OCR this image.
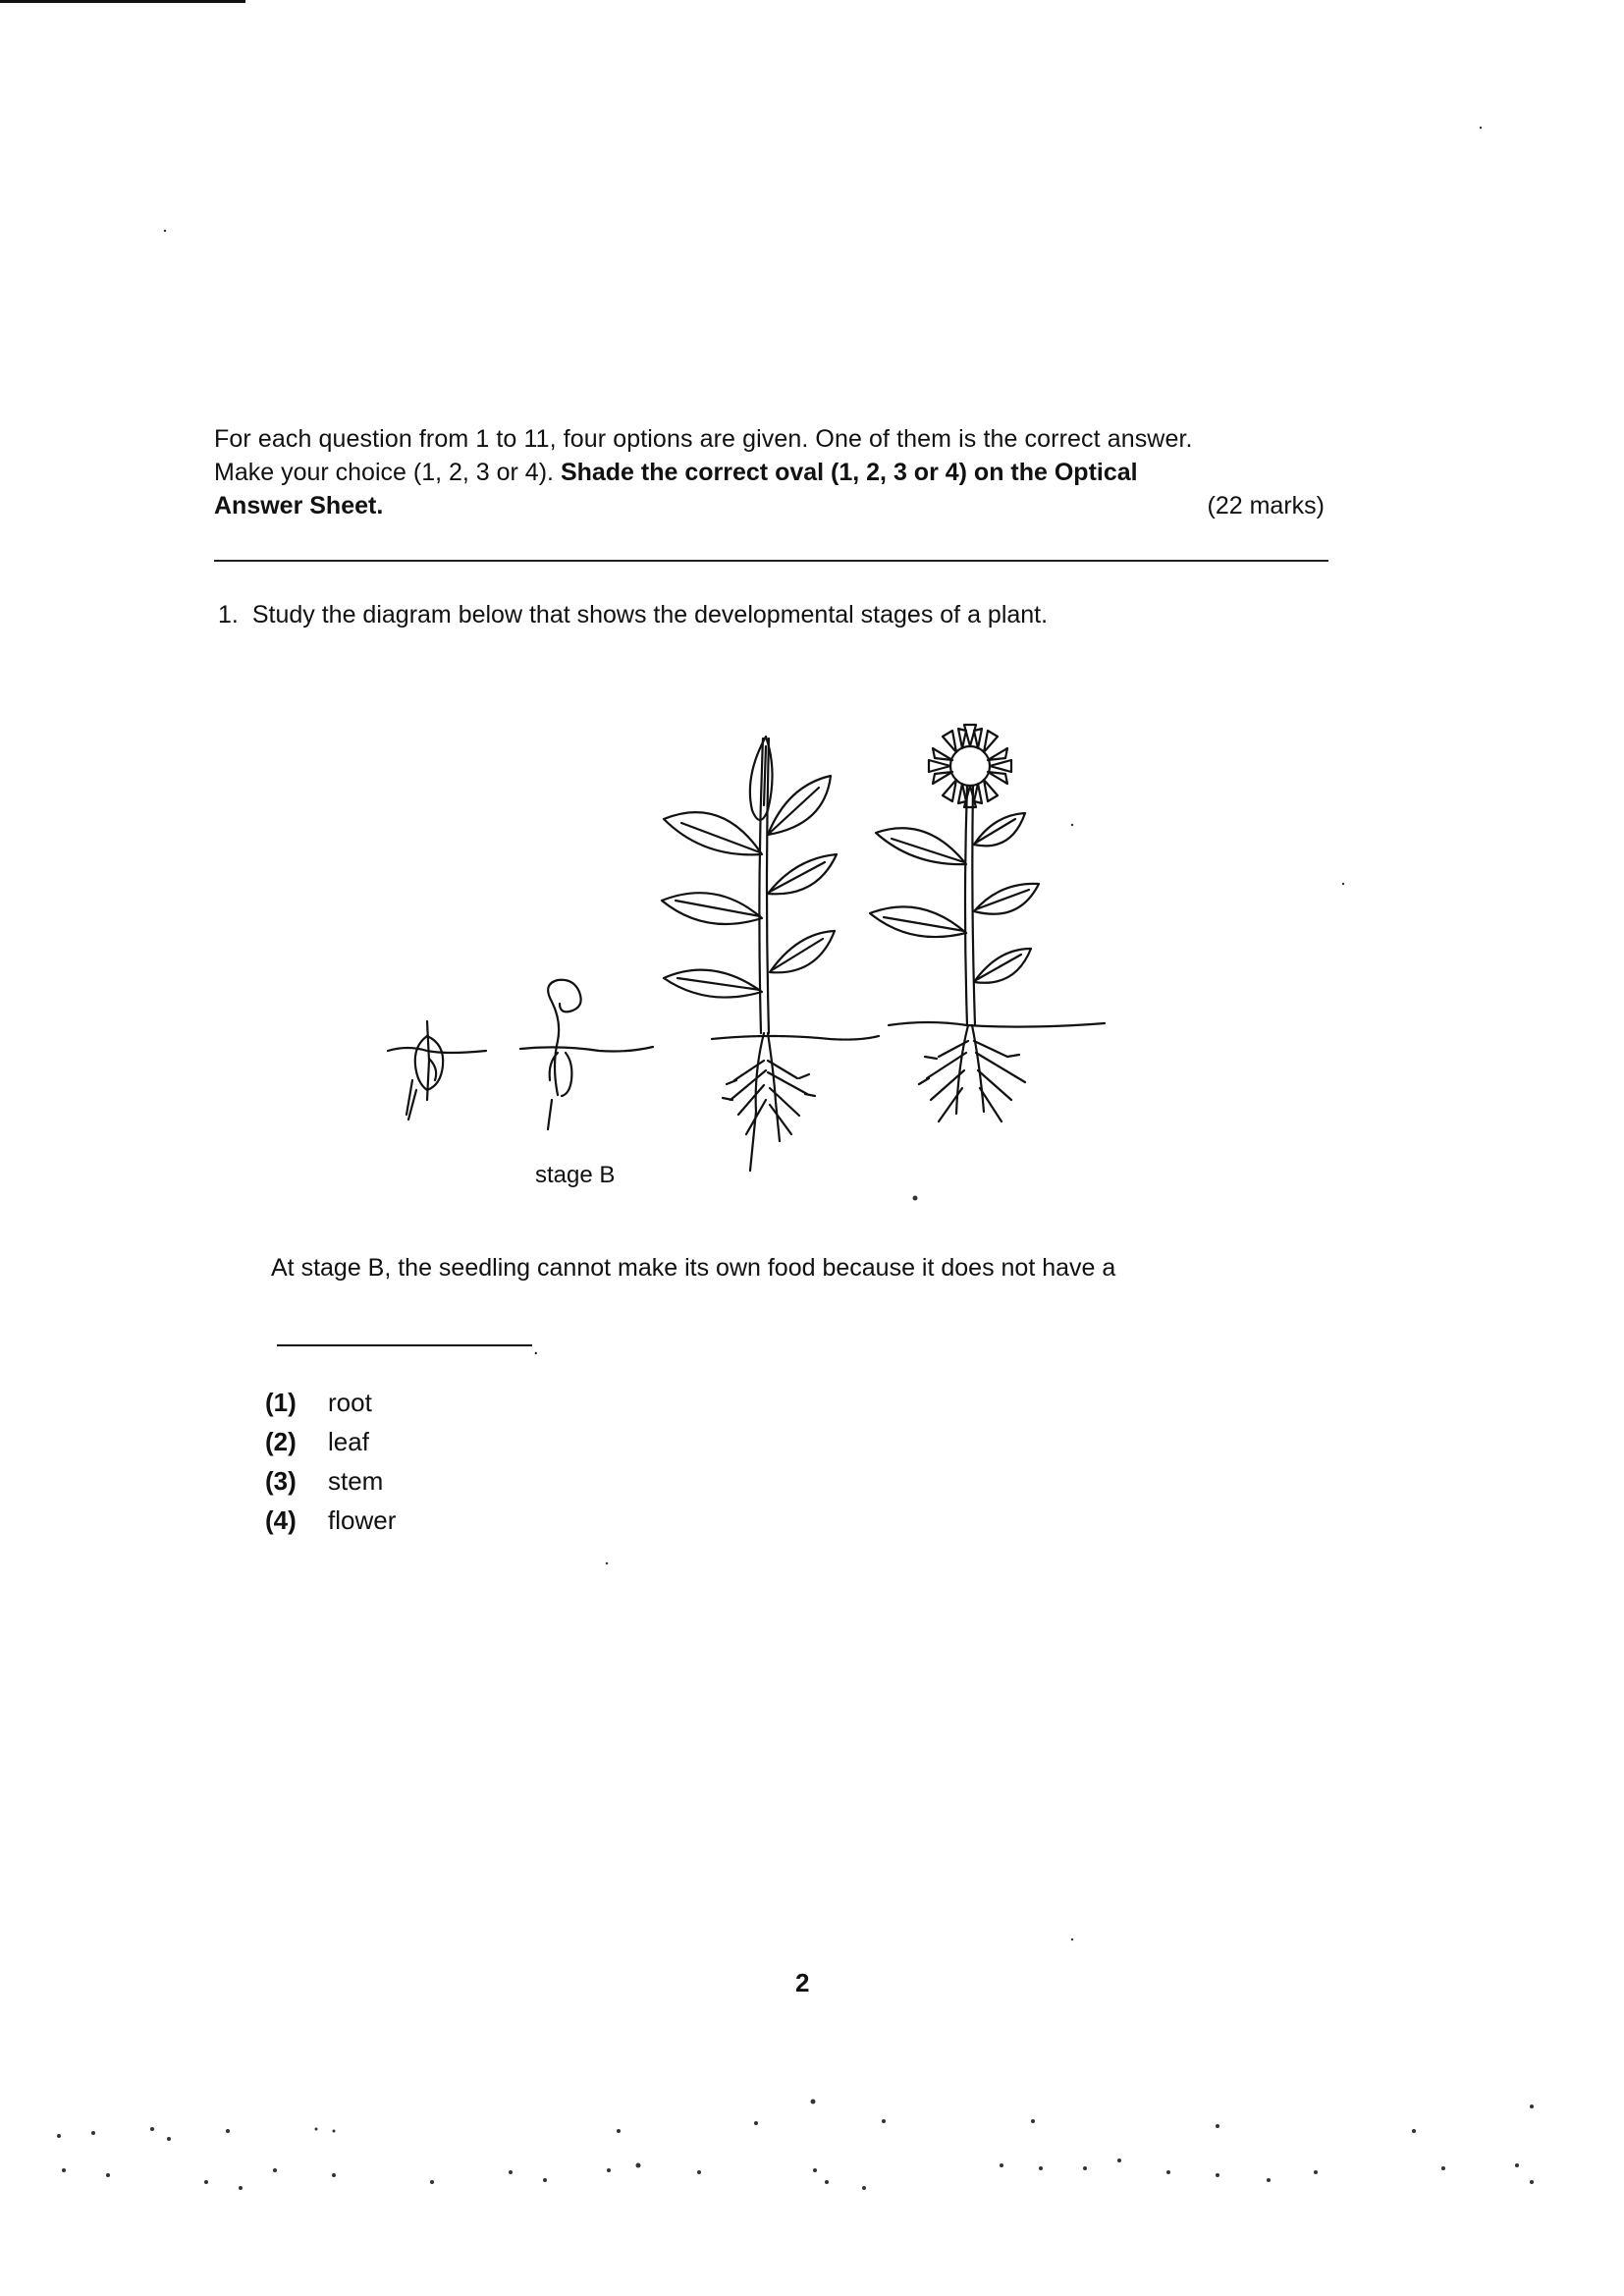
For each question from 1 to 11, four options are given. One of them is the correct answer.

Make your choice (1, 2, 3 or 4). Shade the correct oval (1, 2, 3 or 4) on the Optical

Answer Sheet.	(22 marks)

1. Study the diagram below that shows the developmental stages of a plant.
stage B
At stage B, the seedling cannot make its own food because it does not have a
.
(1)	root
(2)	leaf
(3)	stem
(4)	flower
2
